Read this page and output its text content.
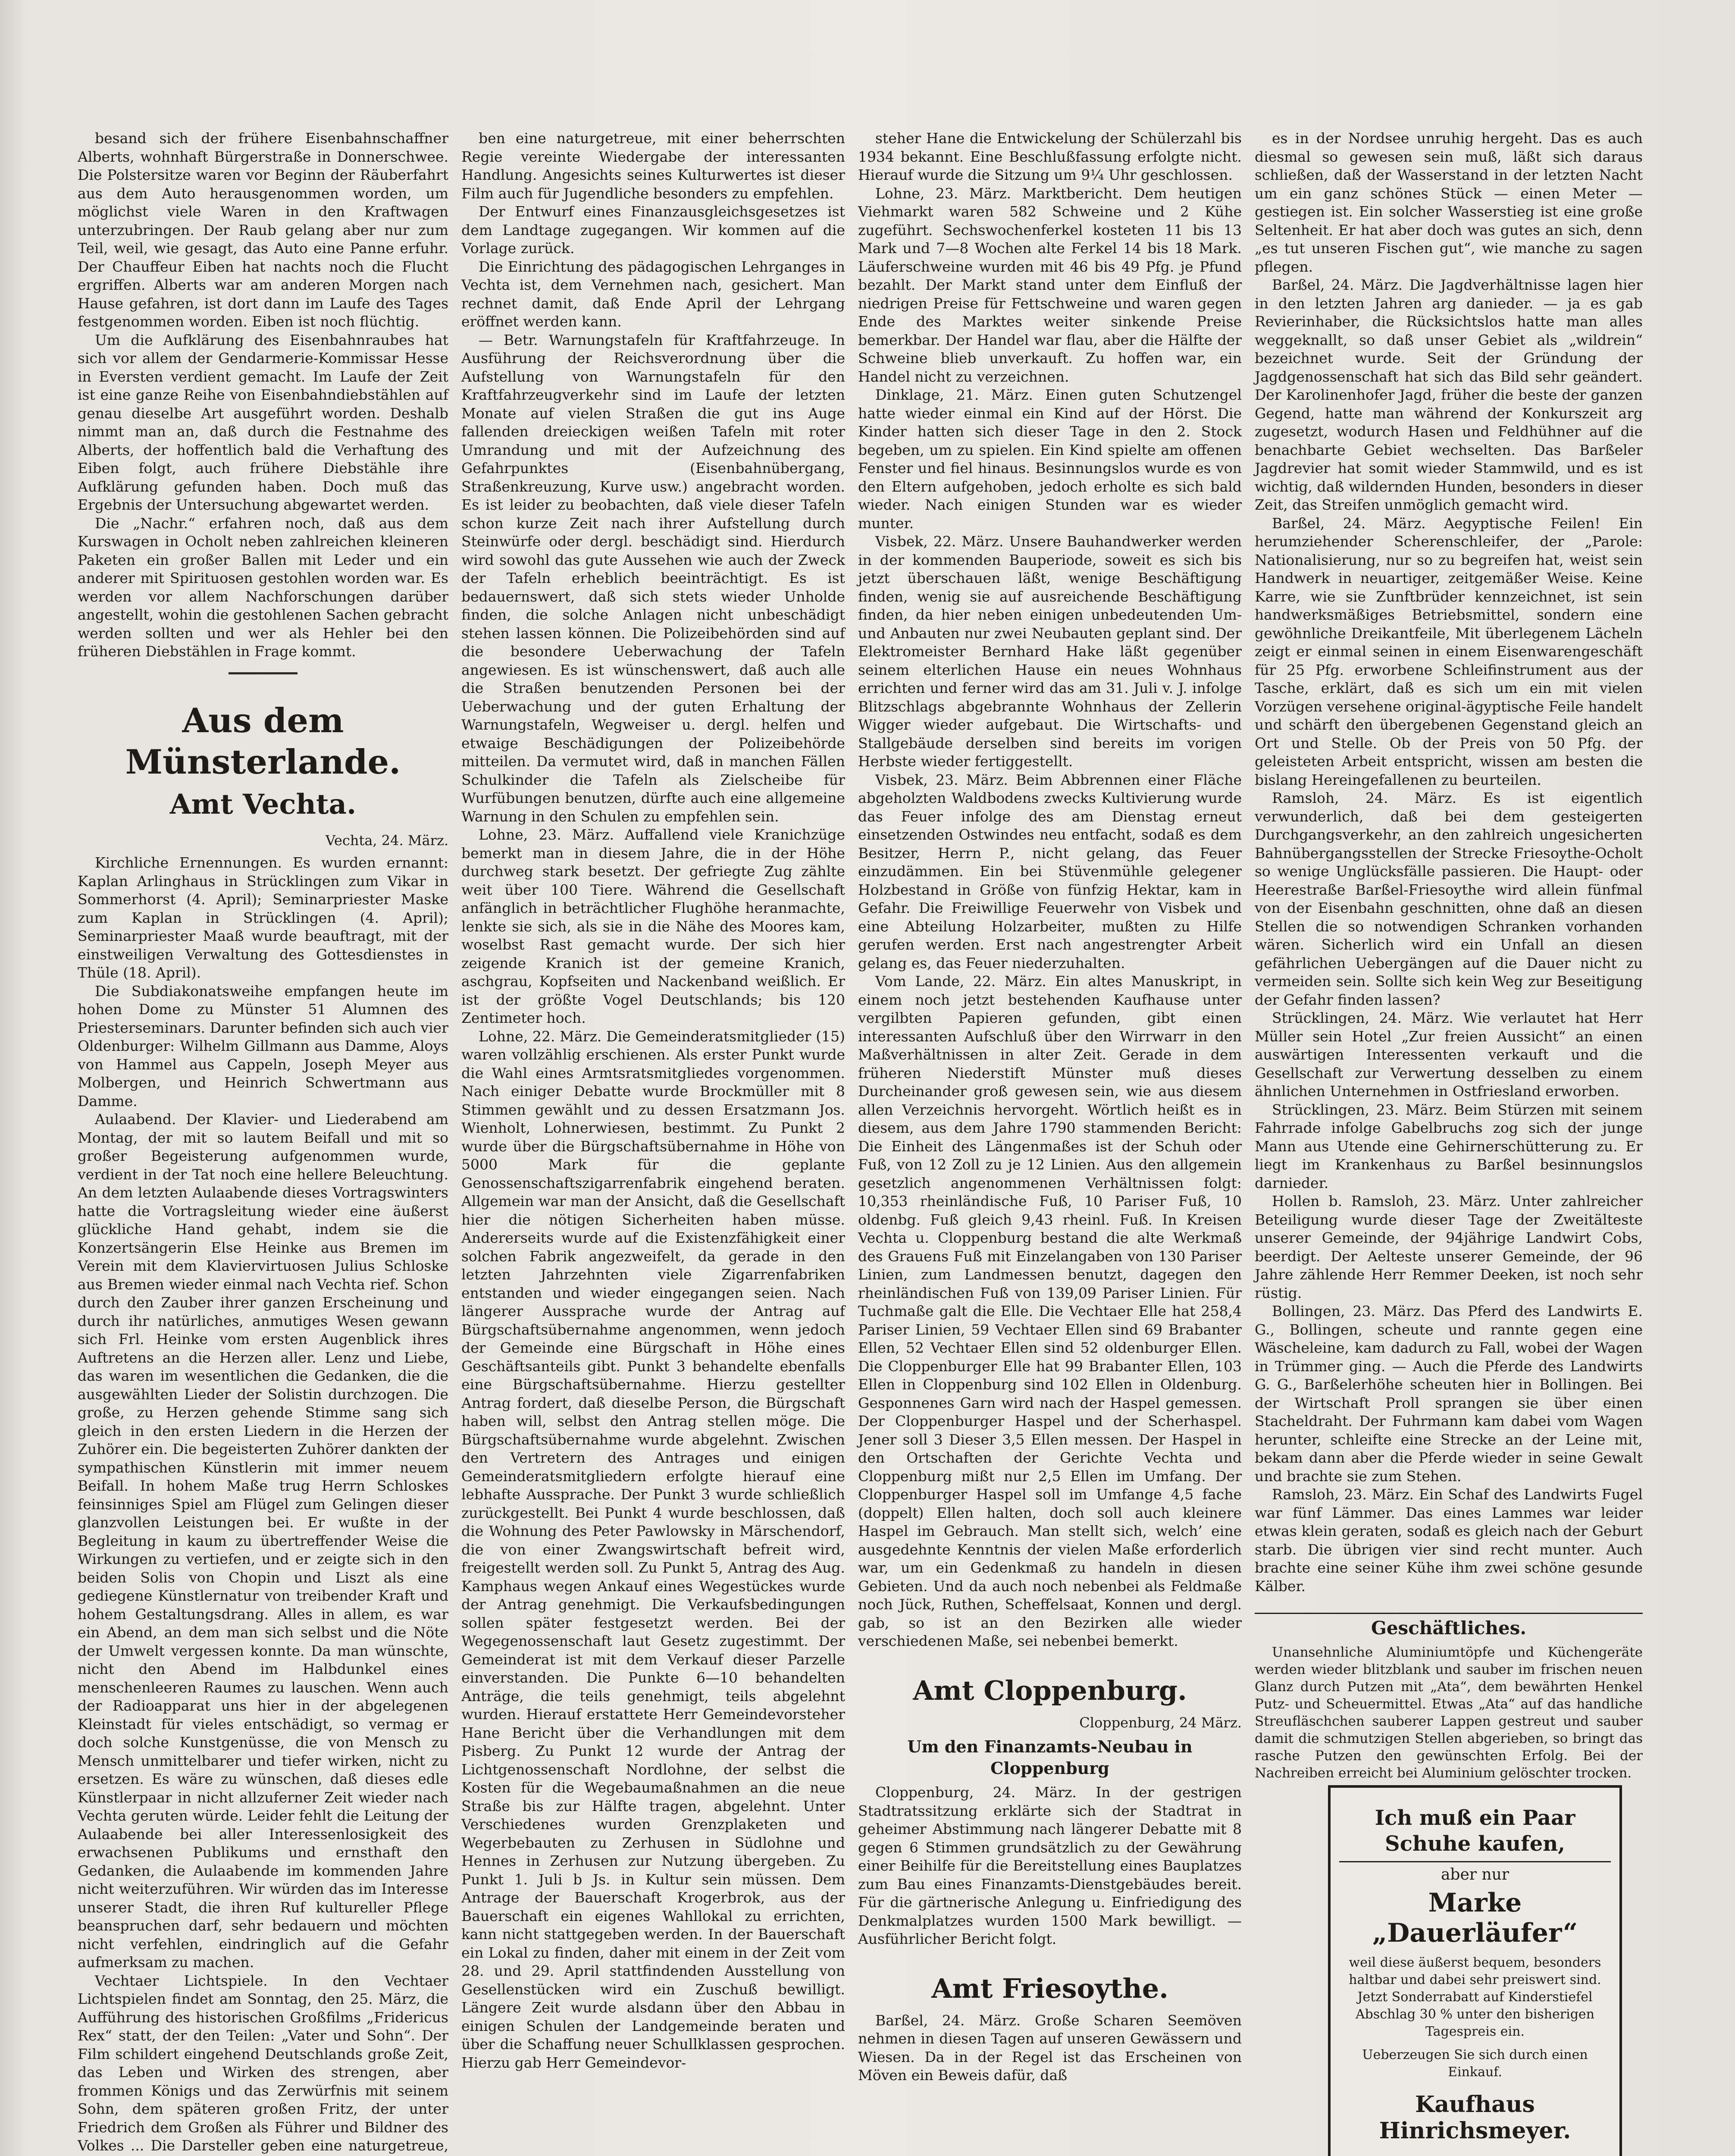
besand sich der frühere Eisenbahnschaffner Alberts, wohnhaft Bürgerstraße in Donnerschwee. Die Polstersitze waren vor Beginn der Räuberfahrt aus dem Auto herausgenommen worden, um möglichst viele Waren in den Kraftwagen unterzubringen. Der Raub gelang aber nur zum Teil, weil, wie gesagt, das Auto eine Panne erfuhr. Der Chauffeur Eiben hat nachts noch die Flucht ergriffen. Alberts war am anderen Morgen nach Hause gefahren, ist dort dann im Laufe des Tages festgenommen worden. Eiben ist noch flüchtig.

Um die Aufklärung des Eisenbahnraubes hat sich vor allem der Gendarmerie-Kommissar Hesse in Eversten verdient gemacht. Im Laufe der Zeit ist eine ganze Reihe von Eisenbahndiebstählen auf genau dieselbe Art ausgeführt worden. Deshalb nimmt man an, daß durch die Festnahme des Alberts, der hoffentlich bald die Verhaftung des Eiben folgt, auch frühere Diebstähle ihre Aufklärung gefunden haben. Doch muß das Ergebnis der Untersuchung abgewartet werden.

Die „Nachr.“ erfahren noch, daß aus dem Kurswagen in Ocholt neben zahlreichen kleineren Paketen ein großer Ballen mit Leder und ein anderer mit Spirituosen gestohlen worden war. Es werden vor allem Nachforschungen darüber angestellt, wohin die gestohlenen Sachen gebracht werden sollten und wer als Hehler bei den früheren Diebstählen in Frage kommt.

Aus dem Münsterlande.
Amt Vechta.
Vechta, 24. März.

Kirchliche Ernennungen. Es wurden ernannt: Kaplan Arlinghaus in Strücklingen zum Vikar in Sommerhorst (4. April); Seminarpriester Maske zum Kaplan in Strücklingen (4. April); Seminarpriester Maaß wurde beauftragt, mit der einstweiligen Verwaltung des Gottesdienstes in Thüle (18. April).

Die Subdiakonatsweihe empfangen heute im hohen Dome zu Münster 51 Alumnen des Priesterseminars. Darunter befinden sich auch vier Oldenburger: Wilhelm Gillmann aus Damme, Aloys von Hammel aus Cappeln, Joseph Meyer aus Molbergen, und Heinrich Schwertmann aus Damme.

Aulaabend. Der Klavier- und Liederabend am Montag, der mit so lautem Beifall und mit so großer Begeisterung aufgenommen wurde, verdient in der Tat noch eine hellere Beleuchtung. An dem letzten Aulaabende dieses Vortragswinters hatte die Vortragsleitung wieder eine äußerst glückliche Hand gehabt, indem sie die Konzertsängerin Else Heinke aus Bremen im Verein mit dem Klaviervirtuosen Julius Schloske aus Bremen wieder einmal nach Vechta rief. Schon durch den Zauber ihrer ganzen Erscheinung und durch ihr natürliches, anmutiges Wesen gewann sich Frl. Heinke vom ersten Augenblick ihres Auftretens an die Herzen aller. Lenz und Liebe, das waren im wesentlichen die Gedanken, die die ausgewählten Lieder der Solistin durchzogen. Die große, zu Herzen gehende Stimme sang sich gleich in den ersten Liedern in die Herzen der Zuhörer ein. Die begeisterten Zuhörer dankten der sympathischen Künstlerin mit immer neuem Beifall. In hohem Maße trug Herrn Schloskes feinsinniges Spiel am Flügel zum Gelingen dieser glanzvollen Leistungen bei. Er wußte in der Begleitung in kaum zu übertreffender Weise die Wirkungen zu vertiefen, und er zeigte sich in den beiden Solis von Chopin und Liszt als eine gediegene Künstlernatur von treibender Kraft und hohem Gestaltungsdrang. Alles in allem, es war ein Abend, an dem man sich selbst und die Nöte der Umwelt vergessen konnte. Da man wünschte, nicht den Abend im Halbdunkel eines menschenleeren Raumes zu lauschen. Wenn auch der Radioapparat uns hier in der abgelegenen Kleinstadt für vieles entschädigt, so vermag er doch solche Kunstgenüsse, die von Mensch zu Mensch unmittelbarer und tiefer wirken, nicht zu ersetzen. Es wäre zu wünschen, daß dieses edle Künstlerpaar in nicht allzuferner Zeit wieder nach Vechta geruten würde. Leider fehlt die Leitung der Aulaabende bei aller Interessenlosigkeit des erwachsenen Publikums und ernsthaft den Gedanken, die Aulaabende im kommenden Jahre nicht weiterzuführen. Wir würden das im Interesse unserer Stadt, die ihren Ruf kultureller Pflege beanspruchen darf, sehr bedauern und möchten nicht verfehlen, eindringlich auf die Gefahr aufmerksam zu machen.

Vechtaer Lichtspiele. In den Vechtaer Lichtspielen findet am Sonntag, den 25. März, die Aufführung des historischen Großfilms „Fridericus Rex“ statt, der den Teilen: „Vater und Sohn“. Der Film schildert eingehend Deutschlands große Zeit, das Leben und Wirken des strengen, aber frommen Königs und das Zerwürfnis mit seinem Sohn, dem späteren großen Fritz, der unter Friedrich dem Großen als Führer und Bildner des Volkes ... Die Darsteller geben eine naturgetreue,

ben eine naturgetreue, mit einer beherrschten Regie vereinte Wiedergabe der interessanten Handlung. Angesichts seines Kulturwertes ist dieser Film auch für Jugendliche besonders zu empfehlen.

Der Entwurf eines Finanzausgleichsgesetzes ist dem Landtage zugegangen. Wir kommen auf die Vorlage zurück.

Die Einrichtung des pädagogischen Lehrganges in Vechta ist, dem Vernehmen nach, gesichert. Man rechnet damit, daß Ende April der Lehrgang eröffnet werden kann.

— Betr. Warnungstafeln für Kraftfahrzeuge. In Ausführung der Reichsverordnung über die Aufstellung von Warnungstafeln für den Kraftfahrzeugverkehr sind im Laufe der letzten Monate auf vielen Straßen die gut ins Auge fallenden dreieckigen weißen Tafeln mit roter Umrandung und mit der Aufzeichnung des Gefahrpunktes (Eisenbahnübergang, Straßenkreuzung, Kurve usw.) angebracht worden. Es ist leider zu beobachten, daß viele dieser Tafeln schon kurze Zeit nach ihrer Aufstellung durch Steinwürfe oder dergl. beschädigt sind. Hierdurch wird sowohl das gute Aussehen wie auch der Zweck der Tafeln erheblich beeinträchtigt. Es ist bedauernswert, daß sich stets wieder Unholde finden, die solche Anlagen nicht unbeschädigt stehen lassen können. Die Polizeibehörden sind auf die besondere Ueberwachung der Tafeln angewiesen. Es ist wünschenswert, daß auch alle die Straßen benutzenden Personen bei der Ueberwachung und der guten Erhaltung der Warnungstafeln, Wegweiser u. dergl. helfen und etwaige Beschädigungen der Polizeibehörde mitteilen. Da vermutet wird, daß in manchen Fällen Schulkinder die Tafeln als Zielscheibe für Wurfübungen benutzen, dürfte auch eine allgemeine Warnung in den Schulen zu empfehlen sein.

Lohne, 23. März. Auffallend viele Kranichzüge bemerkt man in diesem Jahre, die in der Höhe durchweg stark besetzt. Der gefriegte Zug zählte weit über 100 Tiere. Während die Gesellschaft anfänglich in beträchtlicher Flughöhe heranmachte, lenkte sie sich, als sie in die Nähe des Moores kam, woselbst Rast gemacht wurde. Der sich hier zeigende Kranich ist der gemeine Kranich, aschgrau, Kopfseiten und Nackenband weißlich. Er ist der größte Vogel Deutschlands; bis 120 Zentimeter hoch.

Lohne, 22. März. Die Gemeinderatsmitglieder (15) waren vollzählig erschienen. Als erster Punkt wurde die Wahl eines Armtsratsmitgliedes vorgenommen. Nach einiger Debatte wurde Brockmüller mit 8 Stimmen gewählt und zu dessen Ersatzmann Jos. Wienholt, Lohnerwiesen, bestimmt. Zu Punkt 2 wurde über die Bürgschaftsübernahme in Höhe von 5000 Mark für die geplante Genossenschaftszigarrenfabrik eingehend beraten. Allgemein war man der Ansicht, daß die Gesellschaft hier die nötigen Sicherheiten haben müsse. Andererseits wurde auf die Existenzfähigkeit einer solchen Fabrik angezweifelt, da gerade in den letzten Jahrzehnten viele Zigarrenfabriken entstanden und wieder eingegangen seien. Nach längerer Aussprache wurde der Antrag auf Bürgschaftsübernahme angenommen, wenn jedoch der Gemeinde eine Bürgschaft in Höhe eines Geschäftsanteils gibt. Punkt 3 behandelte ebenfalls eine Bürgschaftsübernahme. Hierzu gestellter Antrag fordert, daß dieselbe Person, die Bürgschaft haben will, selbst den Antrag stellen möge. Die Bürgschaftsübernahme wurde abgelehnt. Zwischen den Vertretern des Antrages und einigen Gemeinderatsmitgliedern erfolgte hierauf eine lebhafte Aussprache. Der Punkt 3 wurde schließlich zurückgestellt. Bei Punkt 4 wurde beschlossen, daß die Wohnung des Peter Pawlowsky in Märschendorf, die von einer Zwangswirtschaft befreit wird, freigestellt werden soll. Zu Punkt 5, Antrag des Aug. Kamphaus wegen Ankauf eines Wegestückes wurde der Antrag genehmigt. Die Verkaufsbedingungen sollen später festgesetzt werden. Bei der Wegegenossenschaft laut Gesetz zugestimmt. Der Gemeinderat ist mit dem Verkauf dieser Parzelle einverstanden. Die Punkte 6—10 behandelten Anträge, die teils genehmigt, teils abgelehnt wurden. Hierauf erstattete Herr Gemeindevorsteher Hane Bericht über die Verhandlungen mit dem Pisberg. Zu Punkt 12 wurde der Antrag der Lichtgenossenschaft Nordlohne, der selbst die Kosten für die Wegebaumaßnahmen an die neue Straße bis zur Hälfte tragen, abgelehnt. Unter Verschiedenes wurden Grenzplaketen und Wegerbebauten zu Zerhusen in Südlohne und Hennes in Zerhusen zur Nutzung übergeben. Zu Punkt 1. Juli b Js. in Kultur sein müssen. Dem Antrage der Bauerschaft Krogerbrok, aus der Bauerschaft ein eigenes Wahllokal zu errichten, kann nicht stattgegeben werden. In der Bauerschaft ein Lokal zu finden, daher mit einem in der Zeit vom 28. und 29. April stattfindenden Ausstellung von Gesellenstücken wird ein Zuschuß bewilligt. Längere Zeit wurde alsdann über den Abbau in einigen Schulen der Landgemeinde beraten und über die Schaffung neuer Schullklassen gesprochen. Hierzu gab Herr Gemeindevor-

steher Hane die Entwickelung der Schülerzahl bis 1934 bekannt. Eine Beschlußfassung erfolgte nicht. Hierauf wurde die Sitzung um 9¼ Uhr geschlossen.

Lohne, 23. März. Marktbericht. Dem heutigen Viehmarkt waren 582 Schweine und 2 Kühe zugeführt. Sechswochenferkel kosteten 11 bis 13 Mark und 7—8 Wochen alte Ferkel 14 bis 18 Mark. Läuferschweine wurden mit 46 bis 49 Pfg. je Pfund bezahlt. Der Markt stand unter dem Einfluß der niedrigen Preise für Fettschweine und waren gegen Ende des Marktes weiter sinkende Preise bemerkbar. Der Handel war flau, aber die Hälfte der Schweine blieb unverkauft. Zu hoffen war, ein Handel nicht zu verzeichnen.

Dinklage, 21. März. Einen guten Schutzengel hatte wieder einmal ein Kind auf der Hörst. Die Kinder hatten sich dieser Tage in den 2. Stock begeben, um zu spielen. Ein Kind spielte am offenen Fenster und fiel hinaus. Besinnungslos wurde es von den Eltern aufgehoben, jedoch erholte es sich bald wieder. Nach einigen Stunden war es wieder munter.

Visbek, 22. März. Unsere Bauhandwerker werden in der kommenden Bauperiode, soweit es sich bis jetzt überschauen läßt, wenige Beschäftigung finden, wenig sie auf ausreichende Beschäftigung finden, da hier neben einigen unbedeutenden Um- und Anbauten nur zwei Neubauten geplant sind. Der Elektromeister Bernhard Hake läßt gegenüber seinem elterlichen Hause ein neues Wohnhaus errichten und ferner wird das am 31. Juli v. J. infolge Blitzschlags abgebrannte Wohnhaus der Zellerin Wigger wieder aufgebaut. Die Wirtschafts- und Stallgebäude derselben sind bereits im vorigen Herbste wieder fertiggestellt.

Visbek, 23. März. Beim Abbrennen einer Fläche abgeholzten Waldbodens zwecks Kultivierung wurde das Feuer infolge des am Dienstag erneut einsetzenden Ostwindes neu entfacht, sodaß es dem Besitzer, Herrn P., nicht gelang, das Feuer einzudämmen. Ein bei Stüvenmühle gelegener Holzbestand in Größe von fünfzig Hektar, kam in Gefahr. Die Freiwillige Feuerwehr von Visbek und eine Abteilung Holzarbeiter, mußten zu Hilfe gerufen werden. Erst nach angestrengter Arbeit gelang es, das Feuer niederzuhalten.

Vom Lande, 22. März. Ein altes Manuskript, in einem noch jetzt bestehenden Kaufhause unter vergilbten Papieren gefunden, gibt einen interessanten Aufschluß über den Wirrwarr in den Maßverhältnissen in alter Zeit. Gerade in dem früheren Niederstift Münster muß dieses Durcheinander groß gewesen sein, wie aus diesem allen Verzeichnis hervorgeht. Wörtlich heißt es in diesem, aus dem Jahre 1790 stammenden Bericht: Die Einheit des Längenmaßes ist der Schuh oder Fuß, von 12 Zoll zu je 12 Linien. Aus den allgemein gesetzlich angenommenen Verhältnissen folgt: 10,353 rheinländische Fuß, 10 Pariser Fuß, 10 oldenbg. Fuß gleich 9,43 rheinl. Fuß. In Kreisen Vechta u. Cloppenburg bestand die alte Werkmaß des Grauens Fuß mit Einzelangaben von 130 Pariser Linien, zum Landmessen benutzt, dagegen den rheinländischen Fuß von 139,09 Pariser Linien. Für Tuchmaße galt die Elle. Die Vechtaer Elle hat 258,4 Pariser Linien, 59 Vechtaer Ellen sind 69 Brabanter Ellen, 52 Vechtaer Ellen sind 52 oldenburger Ellen. Die Cloppenburger Elle hat 99 Brabanter Ellen, 103 Ellen in Cloppenburg sind 102 Ellen in Oldenburg. Gesponnenes Garn wird nach der Haspel gemessen. Der Cloppenburger Haspel und der Scherhaspel. Jener soll 3 Dieser 3,5 Ellen messen. Der Haspel in den Ortschaften der Gerichte Vechta und Cloppenburg mißt nur 2,5 Ellen im Umfang. Der Cloppenburger Haspel soll im Umfange 4,5 fache (doppelt) Ellen halten, doch soll auch kleinere Haspel im Gebrauch. Man stellt sich, welch’ eine ausgedehnte Kenntnis der vielen Maße erforderlich war, um ein Gedenkmaß zu handeln in diesen Gebieten. Und da auch noch nebenbei als Feldmaße noch Jück, Ruthen, Scheffelsaat, Konnen und dergl. gab, so ist an den Bezirken alle wieder verschiedenen Maße, sei nebenbei bemerkt.

Amt Cloppenburg.
Cloppenburg, 24 März.
Um den Finanzamts-Neubau in Cloppenburg

Cloppenburg, 24. März. In der gestrigen Stadtratssitzung erklärte sich der Stadtrat in geheimer Abstimmung nach längerer Debatte mit 8 gegen 6 Stimmen grundsätzlich zu der Gewährung einer Beihilfe für die Bereitstellung eines Bauplatzes zum Bau eines Finanzamts-Dienstgebäudes bereit. Für die gärtnerische Anlegung u. Einfriedigung des Denkmalplatzes wurden 1500 Mark bewilligt. — Ausführlicher Bericht folgt.

Amt Friesoythe.

Barßel, 24. März. Große Scharen Seemöven nehmen in diesen Tagen auf unseren Gewässern und Wiesen. Da in der Regel ist das Erscheinen von Möven ein Beweis dafür, daß

es in der Nordsee unruhig hergeht. Das es auch diesmal so gewesen sein muß, läßt sich daraus schließen, daß der Wasserstand in der letzten Nacht um ein ganz schönes Stück — einen Meter — gestiegen ist. Ein solcher Wasserstieg ist eine große Seltenheit. Er hat aber doch was gutes an sich, denn „es tut unseren Fischen gut“, wie manche zu sagen pflegen.

Barßel, 24. März. Die Jagdverhältnisse lagen hier in den letzten Jahren arg danieder. — ja es gab Revierinhaber, die Rücksichtslos hatte man alles weggeknallt, so daß unser Gebiet als „wildrein“ bezeichnet wurde. Seit der Gründung der Jagdgenossenschaft hat sich das Bild sehr geändert. Der Karolinenhofer Jagd, früher die beste der ganzen Gegend, hatte man während der Konkurszeit arg zugesetzt, wodurch Hasen und Feldhühner auf die benachbarte Gebiet wechselten. Das Barßeler Jagdrevier hat somit wieder Stammwild, und es ist wichtig, daß wildernden Hunden, besonders in dieser Zeit, das Streifen unmöglich gemacht wird.

Barßel, 24. März. Aegyptische Feilen! Ein herumziehender Scherenschleifer, der „Parole: Nationalisierung, nur so zu begreifen hat, weist sein Handwerk in neuartiger, zeitgemäßer Weise. Keine Karre, wie sie Zunftbrüder kennzeichnet, ist sein handwerksmäßiges Betriebsmittel, sondern eine gewöhnliche Dreikantfeile, Mit überlegenem Lächeln zeigt er einmal seinen in einem Eisenwarengeschäft für 25 Pfg. erworbene Schleifinstrument aus der Tasche, erklärt, daß es sich um ein mit vielen Vorzügen versehene original-ägyptische Feile handelt und schärft den übergebenen Gegenstand gleich an Ort und Stelle. Ob der Preis von 50 Pfg. der geleisteten Arbeit entspricht, wissen am besten die bislang Hereingefallenen zu beurteilen.

Ramsloh, 24. März. Es ist eigentlich verwunderlich, daß bei dem gesteigerten Durchgangsverkehr, an den zahlreich ungesicherten Bahnübergangsstellen der Strecke Friesoythe-Ocholt so wenige Unglücksfälle passieren. Die Haupt- oder Heerestraße Barßel-Friesoythe wird allein fünfmal von der Eisenbahn geschnitten, ohne daß an diesen Stellen die so notwendigen Schranken vorhanden wären. Sicherlich wird ein Unfall an diesen gefährlichen Uebergängen auf die Dauer nicht zu vermeiden sein. Sollte sich kein Weg zur Beseitigung der Gefahr finden lassen?

Strücklingen, 24. März. Wie verlautet hat Herr Müller sein Hotel „Zur freien Aussicht“ an einen auswärtigen Interessenten verkauft und die Gesellschaft zur Verwertung desselben zu einem ähnlichen Unternehmen in Ostfriesland erworben.

Strücklingen, 23. März. Beim Stürzen mit seinem Fahrrade infolge Gabelbruchs zog sich der junge Mann aus Utende eine Gehirnerschütterung zu. Er liegt im Krankenhaus zu Barßel besinnungslos darnieder.

Hollen b. Ramsloh, 23. März. Unter zahlreicher Beteiligung wurde dieser Tage der Zweitälteste unserer Gemeinde, der 94jährige Landwirt Cobs, beerdigt. Der Aelteste unserer Gemeinde, der 96 Jahre zählende Herr Remmer Deeken, ist noch sehr rüstig.

Bollingen, 23. März. Das Pferd des Landwirts E. G., Bollingen, scheute und rannte gegen eine Wäscheleine, kam dadurch zu Fall, wobei der Wagen in Trümmer ging. — Auch die Pferde des Landwirts G. G., Barßelerhöhe scheuten hier in Bollingen. Bei der Wirtschaft Proll sprangen sie über einen Stacheldraht. Der Fuhrmann kam dabei vom Wagen herunter, schleifte eine Strecke an der Leine mit, bekam dann aber die Pferde wieder in seine Gewalt und brachte sie zum Stehen.

Ramsloh, 23. März. Ein Schaf des Landwirts Fugel war fünf Lämmer. Das eines Lammes war leider etwas klein geraten, sodaß es gleich nach der Geburt starb. Die übrigen vier sind recht munter. Auch brachte eine seiner Kühe ihm zwei schöne gesunde Kälber.

Geschäftliches.

Unansehnliche Aluminiumtöpfe und Küchengeräte werden wieder blitzblank und sauber im frischen neuen Glanz durch Putzen mit „Ata“, dem bewährten Henkel Putz- und Scheuermittel. Etwas „Ata“ auf das handliche Streufläschchen sauberer Lappen gestreut und sauber damit die schmutzigen Stellen abgerieben, so bringt das rasche Putzen den gewünschten Erfolg. Bei der Nachreiben erreicht bei Aluminium gelöschter trocken.

Ich muß ein Paar Schuhe kaufen,
aber nur
Marke „Dauerläufer“
weil diese äußerst bequem, besonders haltbar und dabei sehr preiswert sind. Jetzt Sonderrabatt auf Kinderstiefel Abschlag 30 % unter den bisherigen Tagespreis ein.
Ueberzeugen Sie sich durch einen Einkauf.
Kaufhaus Hinrichsmeyer.
